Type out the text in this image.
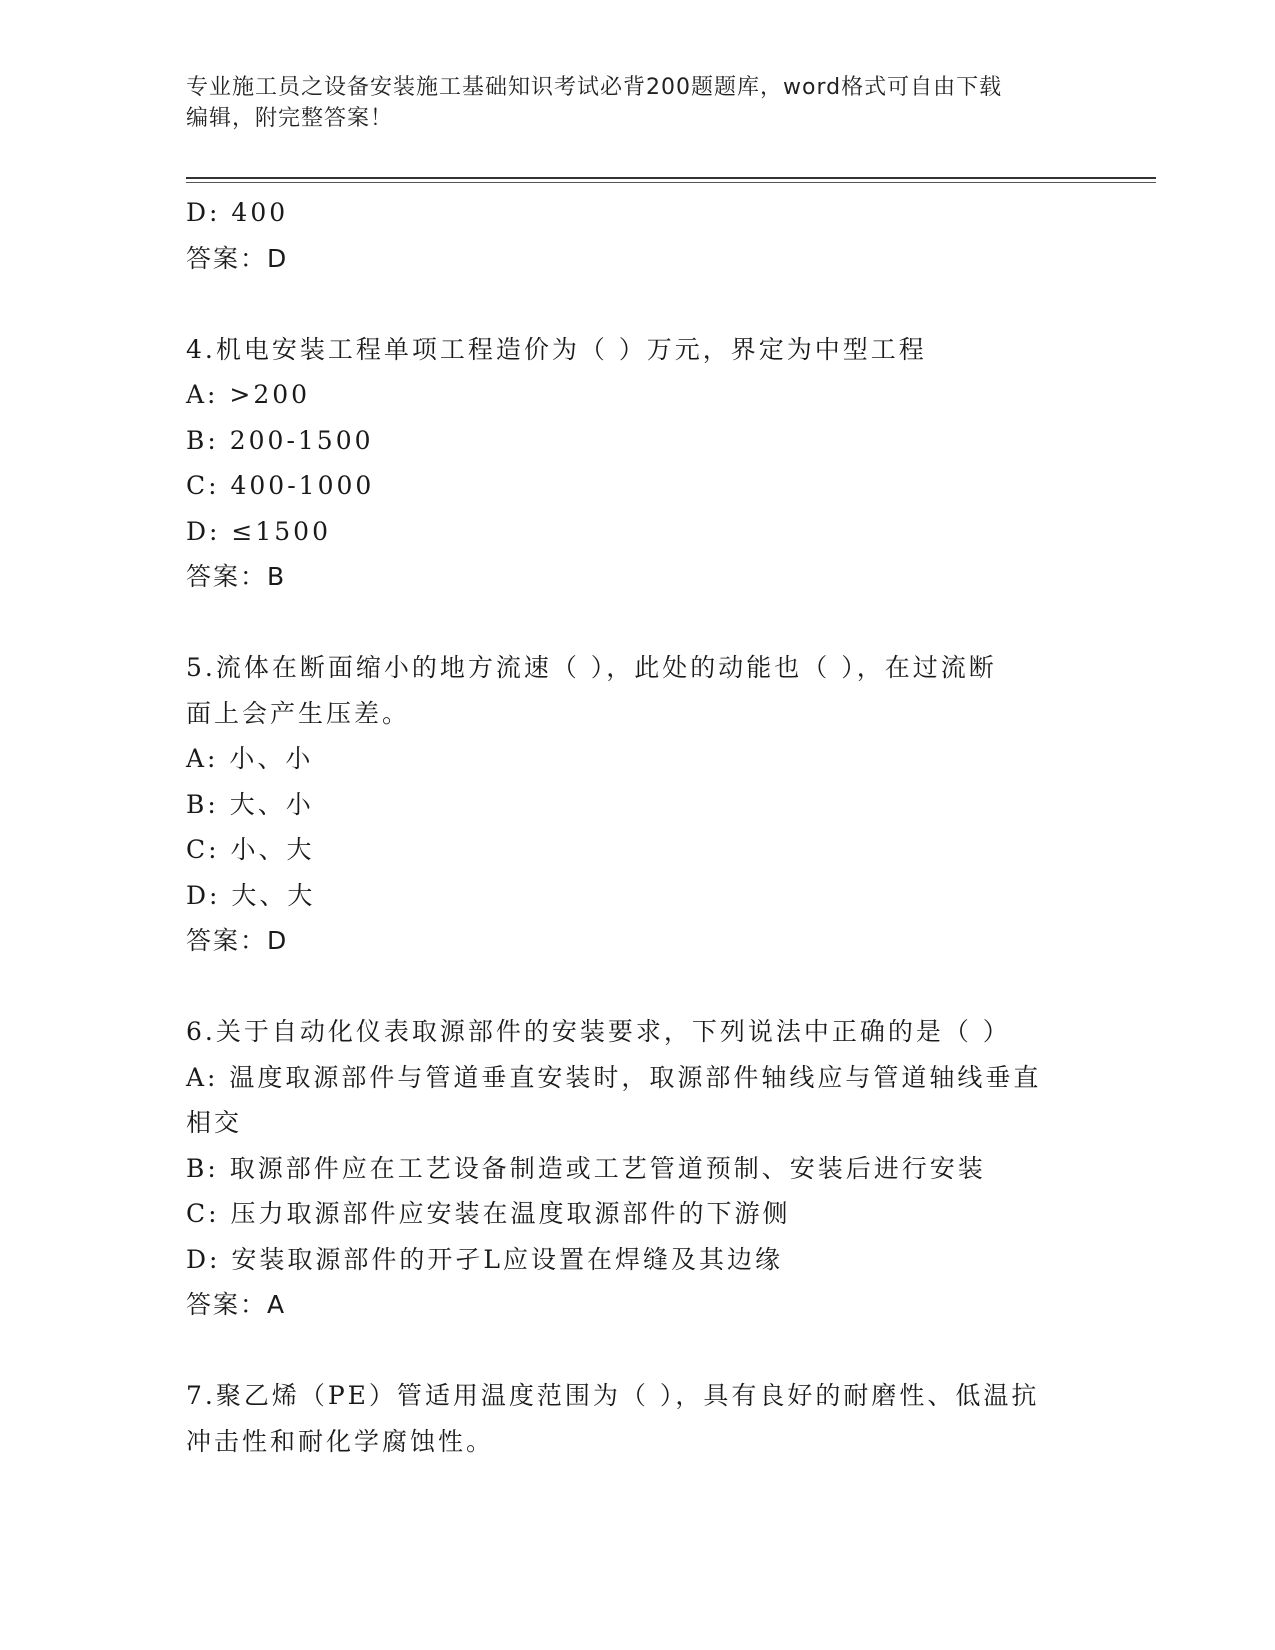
专业施工员之设备安装施工基础知识考试必背200题题库，word格式可自由下载
编辑，附完整答案！
D: 400
答案：D
4.机电安装工程单项工程造价为（ ）万元，界定为中型工程
A: >200
B: 200-1500
C: 400-1000
D: ≤1500
答案：B
5.流体在断面缩小的地方流速（ ），此处的动能也（ ），在过流断
面上会产生压差。
A: 小、小
B: 大、小
C: 小、大
D: 大、大
答案：D
6.关于自动化仪表取源部件的安装要求，下列说法中正确的是（ ）
A: 温度取源部件与管道垂直安装时，取源部件轴线应与管道轴线垂直
相交
B: 取源部件应在工艺设备制造或工艺管道预制、安装后进行安装
C: 压力取源部件应安装在温度取源部件的下游侧
D: 安装取源部件的开孑L应设置在焊缝及其边缘
答案：A
7.聚乙烯（PE）管适用温度范围为（ ），具有良好的耐磨性、低温抗
冲击性和耐化学腐蚀性。
